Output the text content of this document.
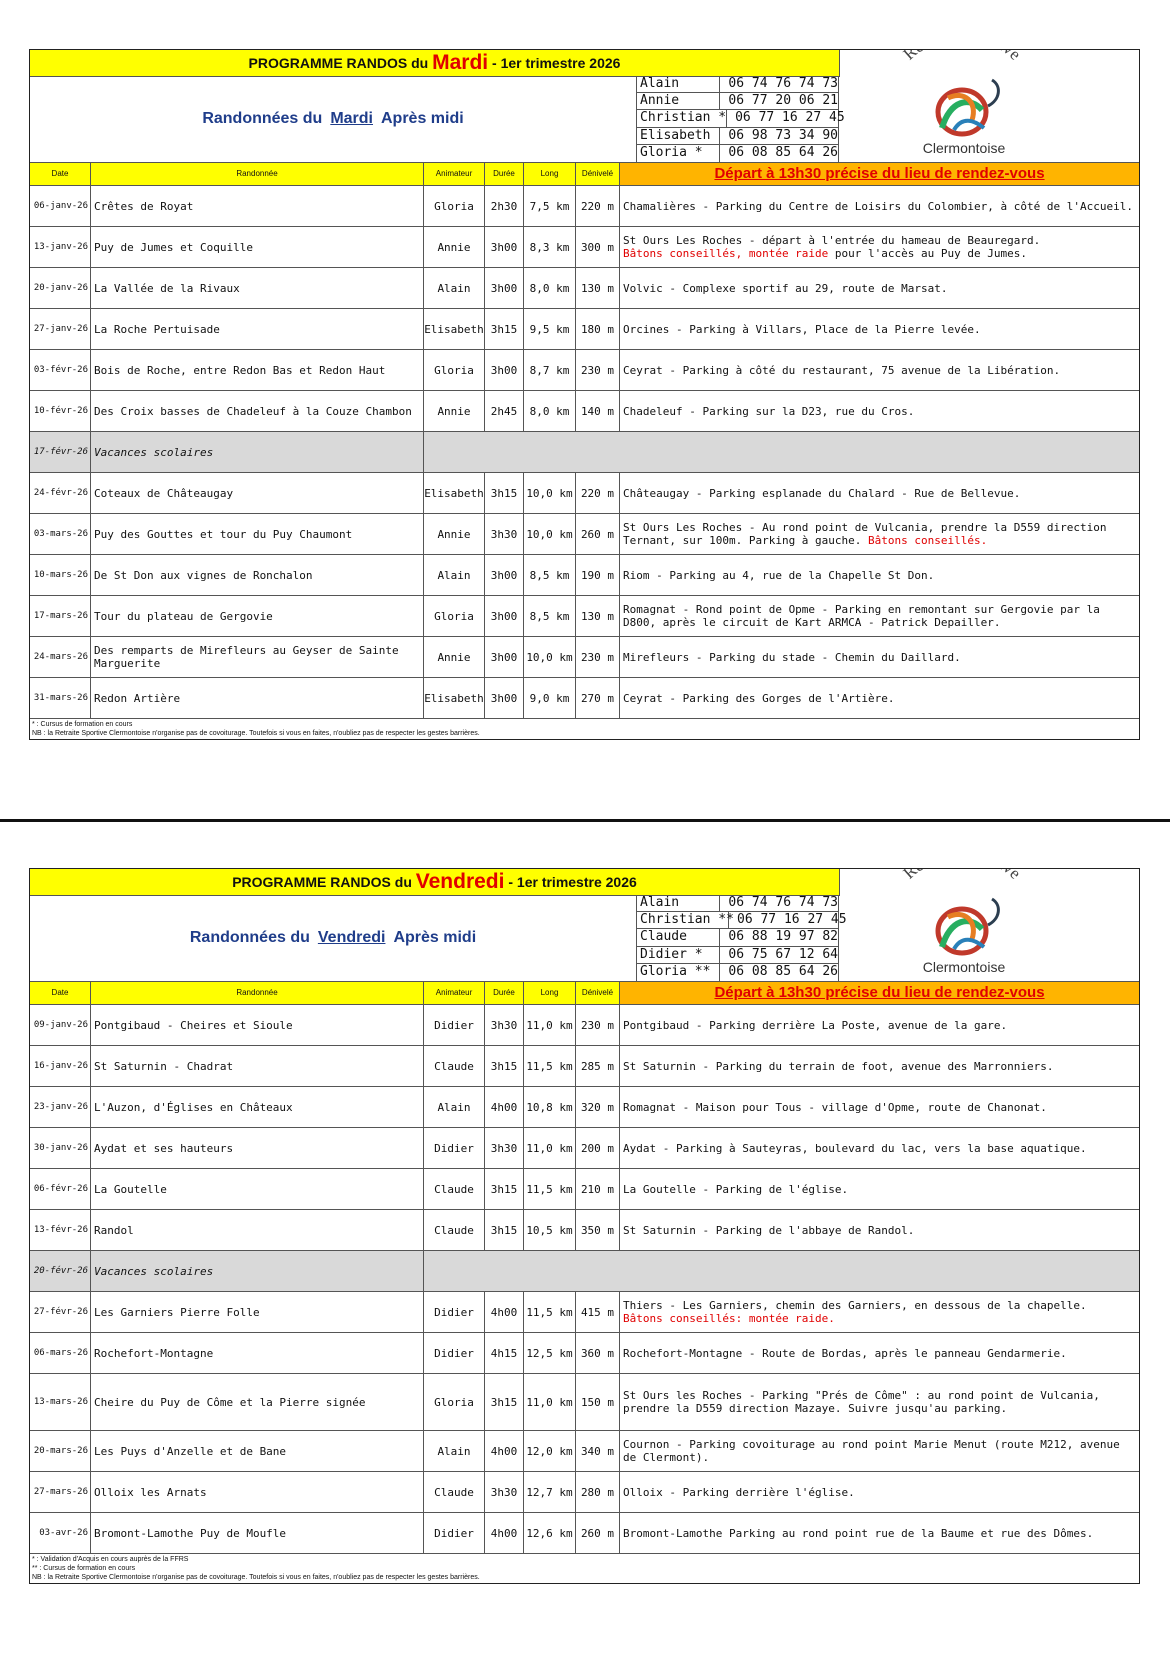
PROGRAMME RANDOS du Mardi - 1er trimestre 2026
Randonnées du Mardi Après midi
Alain	06 74 76 74 73
Annie	06 77 20 06 21
Christian * 06 77 16 27 45
Elisabeth	06 98 73 34 90
Gloria *	06 08 85 64 26
R e
Clermontoise
Date	Randonnée	Animateur	Durée	Long	Dénivelé	Départ à 13h30 précise du lieu de rendez-vous
06-janv-26 Crêtes de Royat	Gloria	2h30	7,5 km	220 m Chamalières - Parking du Centre de Loisirs du Colombier, à côté de l'Accueil.
13-janv-26 Puy de Jumes et Coquille	Annie	3h00	8,3 km	300 m St Ours Les Roches - départ à l'entrée du hameau de Beauregard.
Bâtons conseillés, montée raide pour l'accès au Puy de Jumes.
20-janv-26 La Vallée de la Rivaux	Alain	3h00	8,0 km	130 m Volvic - Complexe sportif au 29, route de Marsat.
27-janv-26 La Roche Pertuisade	Elisabeth 3h15	9,5 km	180 m Orcines - Parking à Villars, Place de la Pierre levée.
03-févr-26 Bois de Roche, entre Redon Bas et Redon Haut	Gloria	3h00	8,7 km	230 m Ceyrat - Parking à côté du restaurant, 75 avenue de la Libération.
10-févr-26 Des Croix basses de Chadeleuf à la Couze Chambon	Annie	2h45	8,0 km	140 m Chadeleuf - Parking sur la D23, rue du Cros.
17-févr-26 Vacances scolaires
24-févr-26 Coteaux de Châteaugay	Elisabeth 3h15 10,0 km 220 m Châteaugay - Parking esplanade du Chalard - Rue de Bellevue.
03-mars-26 Puy des Gouttes et tour du Puy Chaumont	Annie	3h30 10,0 km 260 m St Ours Les Roches - Au rond point de Vulcania, prendre la D559 direction Ternant, sur 100m. Parking à gauche. Bâtons conseillés.
10-mars-26 De St Don aux vignes de Ronchalon	Alain	3h00	8,5 km	190 m Riom - Parking au 4, rue de la Chapelle St Don.
17-mars-26 Tour du plateau de Gergovie	Gloria	3h00	8,5 km	130 m Romagnat - Rond point de Opme - Parking en remontant sur Gergovie par la D800, après le circuit de Kart ARMCA - Patrick Depailler.
24-mars-26 Des remparts de Mirefleurs au Geyser de Sainte Marguerite	Annie	3h00 10,0 km 230 m Mirefleurs - Parking du stade - Chemin du Daillard.
31-mars-26 Redon Artière	Elisabeth 3h00	9,0 km	270 m Ceyrat - Parking des Gorges de l'Artière.
* : Cursus de formation en cours
NB : la Retraite Sportive Clermontoise n'organise pas de covoiturage. Toutefois si vous en faites, n'oubliez pas de respecter les gestes barrières.
PROGRAMME RANDOS du Vendredi - 1er trimestre 2026
Randonnées du Vendredi Après midi
Alain	06 74 76 74 73
Christian ** 06 77 16 27 45
Claude	06 88 19 97 82
Didier *	06 75 67 12 64
Gloria **	06 08 85 64 26
R e
Clermontoise
Date	Randonnée	Animateur	Durée	Long	Dénivelé	Départ à 13h30 précise du lieu de rendez-vous
09-janv-26 Pontgibaud - Cheires et Sioule	Didier	3h30 11,0 km 230 m Pontgibaud - Parking derrière La Poste, avenue de la gare.
16-janv-26 St Saturnin - Chadrat	Claude	3h15 11,5 km 285 m St Saturnin - Parking du terrain de foot, avenue des Marronniers.
23-janv-26 L'Auzon, d'Églises en Châteaux	Alain	4h00 10,8 km 320 m Romagnat - Maison pour Tous - village d'Opme, route de Chanonat.
30-janv-26 Aydat et ses hauteurs	Didier	3h30 11,0 km 200 m Aydat - Parking à Sauteyras, boulevard du lac, vers la base aquatique.
06-févr-26 La Goutelle	Claude	3h15 11,5 km 210 m La Goutelle - Parking de l'église.
13-févr-26 Randol	Claude	3h15 10,5 km 350 m St Saturnin - Parking de l'abbaye de Randol.
20-févr-26 Vacances scolaires
27-févr-26 Les Garniers Pierre Folle	Didier	4h00 11,5 km 415 m Thiers - Les Garniers, chemin des Garniers, en dessous de la chapelle.
Bâtons conseillés: montée raide.
06-mars-26 Rochefort-Montagne	Didier	4h15 12,5 km 360 m Rochefort-Montagne - Route de Bordas, après le panneau Gendarmerie.
13-mars-26 Cheire du Puy de Côme et la Pierre signée	Gloria	3h15 11,0 km 150 m St Ours les Roches - Parking "Prés de Côme" : au rond point de Vulcania, prendre la D559 direction Mazaye. Suivre jusqu'au parking.
20-mars-26 Les Puys d'Anzelle et de Bane	Alain	4h00 12,0 km 340 m Cournon - Parking covoiturage au rond point Marie Menut (route M212, avenue de Clermont).
27-mars-26 Olloix les Arnats	Claude	3h30 12,7 km 280 m Olloix - Parking derrière l'église.
03-avr-26 Bromont-Lamothe Puy de Moufle	Didier	4h00 12,6 km 260 m Bromont-Lamothe Parking au rond point rue de la Baume et rue des Dômes.
* : Validation d'Acquis en cours auprès de la FFRS
** : Cursus de formation en cours
NB : la Retraite Sportive Clermontoise n'organise pas de covoiturage. Toutefois si vous en faites, n'oubliez pas de respecter les gestes barrières.
